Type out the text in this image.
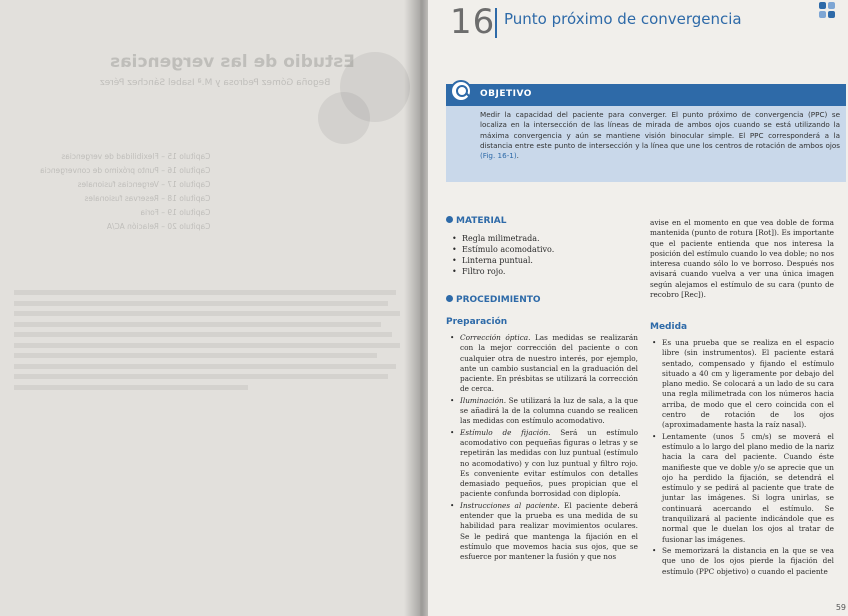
Estudio de las vergencias
Begoña Gómez Pedrosa y M.ª Isabel Sánchez Pérez
Capítulo 15 – Flexibilidad de vergencias
Capítulo 16 – Punto próximo de convergencia
Capítulo 17 – Vergencias fusionales
Capítulo 18 – Reservas fusionales
Capítulo 19 – Foria
Capítulo 20 – Relación AC/A
16 Punto próximo de convergencia
OBJETIVO
Medir la capacidad del paciente para converger. El punto próximo de convergencia (PPC) se localiza en la intersección de las líneas de mirada de ambos ojos cuando se está utilizando la máxima convergencia y aún se mantiene visión binocular simple. El PPC corresponderá a la distancia entre este punto de intersección y la línea que une los centros de rotación de ambos ojos (Fig. 16-1).
MATERIAL
• Regla milimetrada.
• Estímulo acomodativo.
• Linterna puntual.
• Filtro rojo.
PROCEDIMIENTO
Preparación

• Corrección óptica. Las medidas se realizarán con la mejor corrección del paciente o con cualquier otra de nuestro interés, por ejemplo, ante un cambio sustancial en la graduación del paciente. En présbitas se utilizará la corrección de cerca.

• Iluminación. Se utilizará la luz de sala, a la que se añadirá la de la columna cuando se realicen las medidas con estímulo acomodativo.

• Estímulo de fijación. Será un estímulo acomodativo con pequeñas figuras o letras y se repetirán las medidas con luz puntual (estímulo no acomodativo) y con luz puntual y filtro rojo. Es conveniente evitar estímulos con detalles demasiado pequeños, pues propician que el paciente confunda borrosidad con diplopía.

• Instrucciones al paciente. El paciente deberá entender que la prueba es una medida de su habilidad para realizar movimientos oculares. Se le pedirá que mantenga la fijación en el estímulo que movemos hacia sus ojos, que se esfuerce por mantener la fusión y que nos

avise en el momento en que vea doble de forma mantenida (punto de rotura [Rot]). Es importante que el paciente entienda que nos interesa la posición del estímulo cuando lo vea doble; no nos interesa cuando sólo lo ve borroso. Después nos avisará cuando vuelva a ver una única imagen según alejamos el estímulo de su cara (punto de recobro [Rec]).

Medida

• Es una prueba que se realiza en el espacio libre (sin instrumentos). El paciente estará sentado, compensado y fijando el estímulo situado a 40 cm y ligeramente por debajo del plano medio. Se colocará a un lado de su cara una regla milimetrada con los números hacia arriba, de modo que el cero coincida con el centro de rotación de los ojos (aproximadamente hasta la raíz nasal).

• Lentamente (unos 5 cm/s) se moverá el estímulo a lo largo del plano medio de la nariz hacia la cara del paciente. Cuando éste manifieste que ve doble y/o se aprecie que un ojo ha perdido la fijación, se detendrá el estímulo y se pedirá al paciente que trate de juntar las imágenes. Si logra unirlas, se continuará acercando el estímulo. Se tranquilizará al paciente indicándole que es normal que le duelan los ojos al tratar de fusionar las imágenes.

• Se memorizará la distancia en la que se vea que uno de los ojos pierde la fijación del estímulo (PPC objetivo) o cuando el paciente

59
